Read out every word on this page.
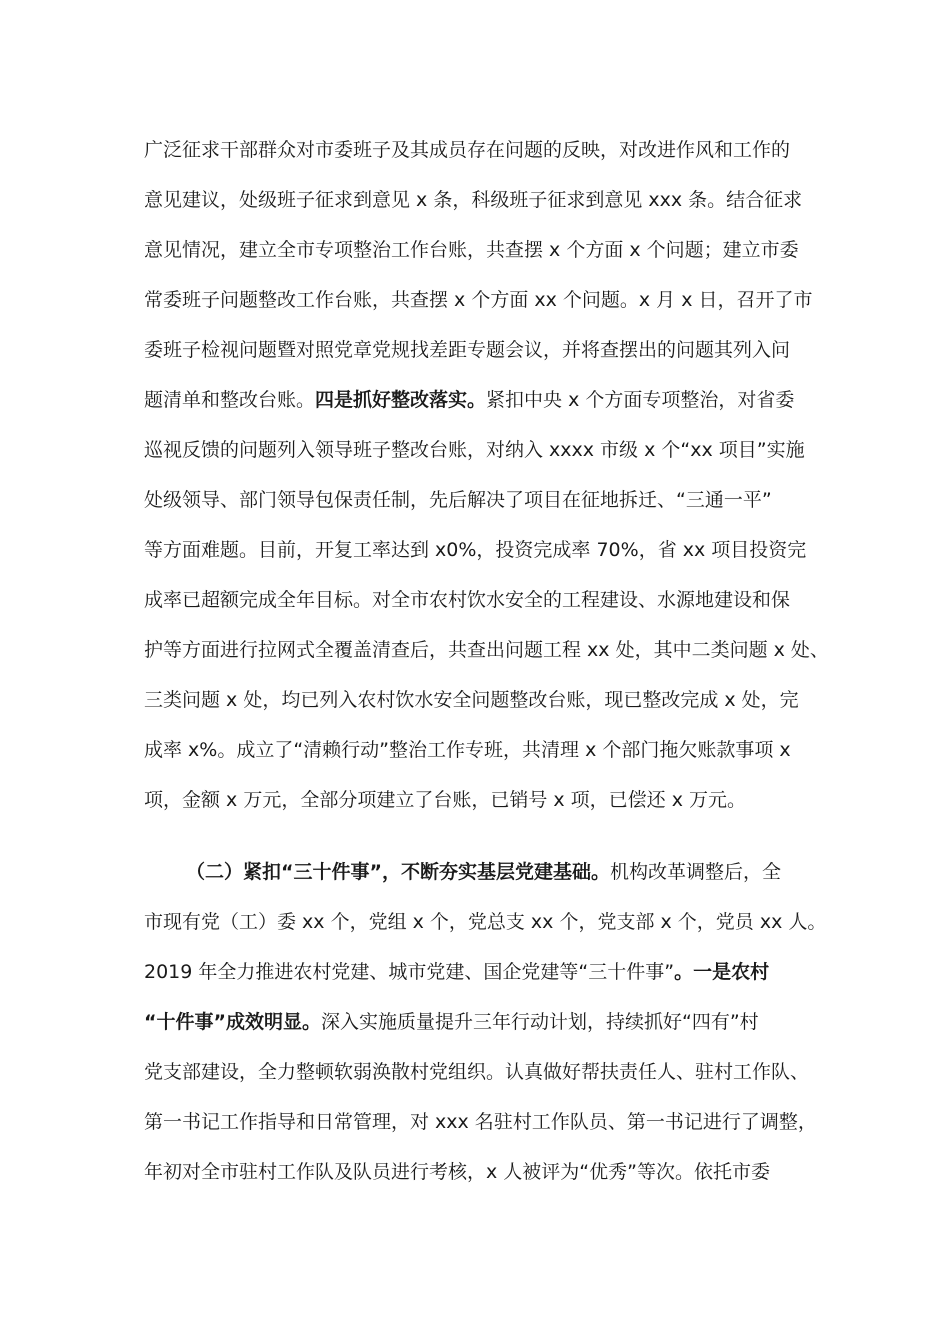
广泛征求干部群众对市委班子及其成员存在问题的反映，对改进作风和工作的

意见建议，处级班子征求到意见 x 条，科级班子征求到意见 xxx 条。结合征求

意见情况，建立全市专项整治工作台账，共查摆 x 个方面 x 个问题；建立市委

常委班子问题整改工作台账，共查摆 x 个方面 xx 个问题。x 月 x 日，召开了市

委班子检视问题暨对照党章党规找差距专题会议，并将查摆出的问题其列入问

题清单和整改台账。四是抓好整改落实。紧扣中央 x 个方面专项整治，对省委

巡视反馈的问题列入领导班子整改台账，对纳入 xxxx 市级 x 个“xx 项目”实施

处级领导、部门领导包保责任制，先后解决了项目在征地拆迁、“三通一平”

等方面难题。目前，开复工率达到 x0%，投资完成率 70%，省 xx 项目投资完

成率已超额完成全年目标。对全市农村饮水安全的工程建设、水源地建设和保

护等方面进行拉网式全覆盖清查后，共查出问题工程 xx 处，其中二类问题 x 处、

三类问题 x 处，均已列入农村饮水安全问题整改台账，现已整改完成 x 处，完

成率 x%。成立了“清赖行动”整治工作专班，共清理 x 个部门拖欠账款事项 x

项，金额 x 万元，全部分项建立了台账，已销号 x 项，已偿还 x 万元。

（二）紧扣“三十件事”，不断夯实基层党建基础。机构改革调整后，全

市现有党（工）委 xx 个，党组 x 个，党总支 xx 个，党支部 x 个，党员 xx 人。

2019 年全力推进农村党建、城市党建、国企党建等“三十件事”。一是农村

“十件事”成效明显。深入实施质量提升三年行动计划，持续抓好“四有”村

党支部建设，全力整顿软弱涣散村党组织。认真做好帮扶责任人、驻村工作队、

第一书记工作指导和日常管理，对 xxx 名驻村工作队员、第一书记进行了调整，

年初对全市驻村工作队及队员进行考核，x 人被评为“优秀”等次。依托市委
